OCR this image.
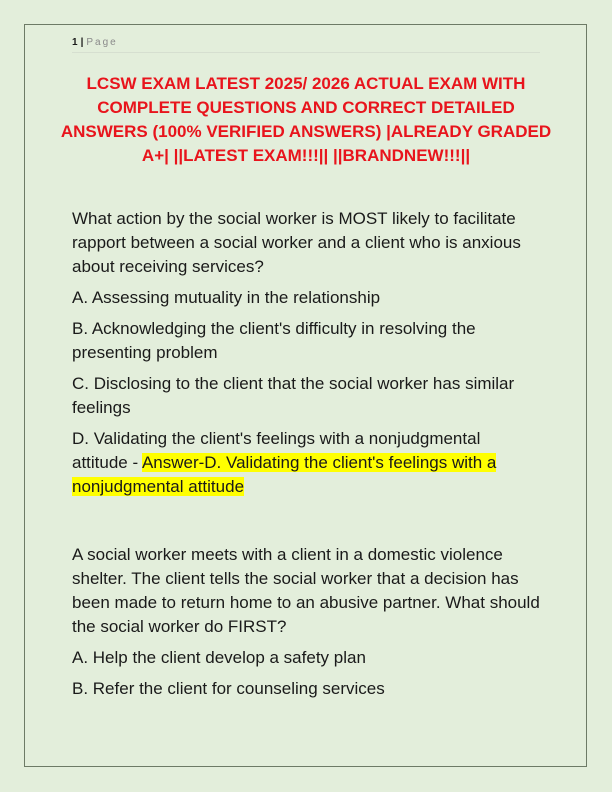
1 | Page
LCSW EXAM LATEST 2025/ 2026 ACTUAL EXAM WITH COMPLETE QUESTIONS AND CORRECT DETAILED ANSWERS (100% VERIFIED ANSWERS) |ALREADY GRADED A+| ||LATEST EXAM!!!|| ||BRANDNEW!!!||

What action by the social worker is MOST likely to facilitate rapport between a social worker and a client who is anxious about receiving services?

A. Assessing mutuality in the relationship

B. Acknowledging the client's difficulty in resolving the presenting problem

C. Disclosing to the client that the social worker has similar feelings

D. Validating the client's feelings with a nonjudgmental attitude - Answer-D. Validating the client's feelings with a nonjudgmental attitude

A social worker meets with a client in a domestic violence shelter. The client tells the social worker that a decision has been made to return home to an abusive partner. What should the social worker do FIRST?

A. Help the client develop a safety plan

B. Refer the client for counseling services
